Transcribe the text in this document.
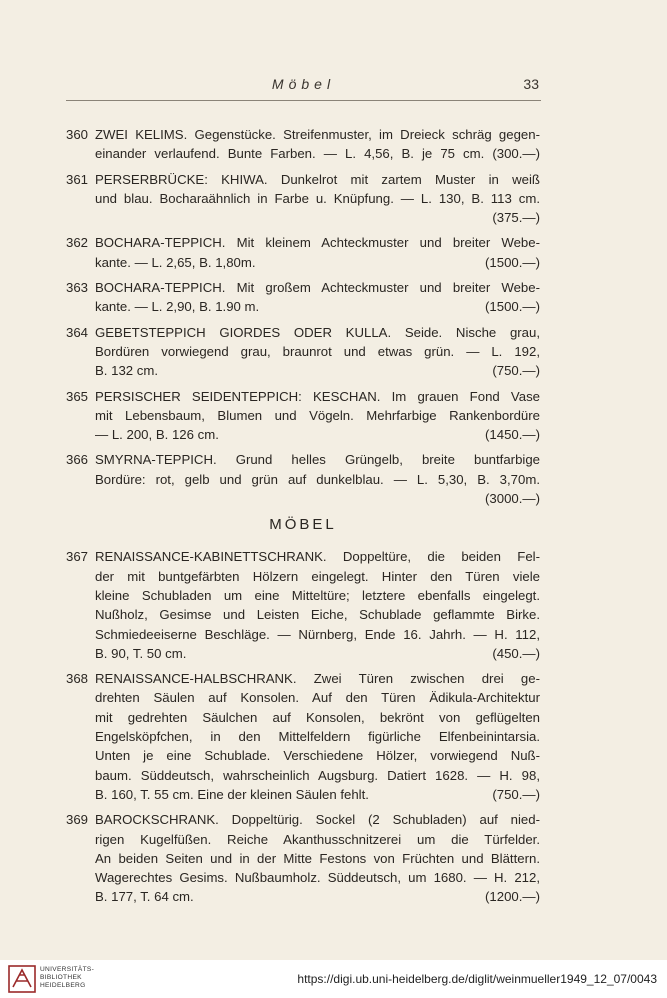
Möbel	33
360 ZWEI KELIMS. Gegenstücke. Streifenmuster, im Dreieck schräg gegen-
einander verlaufend. Bunte Farben. — L. 4,56, B. je 75 cm. (300.—)
361 PERSERBRÜCKE: KHIWA. Dunkelrot mit zartem Muster in weiß
und blau. Bocharaähnlich in Farbe u. Knüpfung. — L. 130, B. 113 cm.
(375.—)
362 BOCHARA-TEPPICH. Mit kleinem Achteckmuster und breiter Webe-
kante. — L. 2,65, B. 1,80m.	(1500.—)
363 BOCHARA-TEPPICH. Mit großem Achteckmuster und breiter Webe-
kante. — L. 2,90, B. 1.90 m.	(1500.—)
364 GEBETSTEPPICH GIORDES ODER KULLA. Seide. Nische grau,
Bordüren vorwiegend grau, braunrot und etwas grün. — L. 192,
B. 132 cm.	(750.—)
365 PERSISCHER SEIDENTEPPICH: KESCHAN. Im grauen Fond Vase
mit Lebensbaum, Blumen und Vögeln. Mehrfarbige Rankenbordüre
— L. 200, B. 126 cm.	(1450.—)
366 SMYRNA-TEPPICH. Grund helles Grüngelb, breite buntfarbige
Bordüre: rot, gelb und grün auf dunkelblau. — L. 5,30, B. 3,70m.
(3000.—)
MÖBEL
367 RENAISSANCE-KABINETTSCHRANK. Doppeltüre, die beiden Fel-
der mit buntgefärbten Hölzern eingelegt. Hinter den Türen viele
kleine Schubladen um eine Mitteltüre; letztere ebenfalls eingelegt.
Nußholz, Gesimse und Leisten Eiche, Schublade geflammte Birke.
Schmiedeeiserne Beschläge. — Nürnberg, Ende 16. Jahrh. — H. 112,
B. 90, T. 50 cm.	(450.—)
368 RENAISSANCE-HALBSCHRANK. Zwei Türen zwischen drei ge-
drehten Säulen auf Konsolen. Auf den Türen Ädikula-Architektur
mit gedrehten Säulchen auf Konsolen, bekrönt von geflügelten
Engelsköpfchen, in den Mittelfeldern figürliche Elfenbeinintarsia.
Unten je eine Schublade. Verschiedene Hölzer, vorwiegend Nuß-
baum. Süddeutsch, wahrscheinlich Augsburg. Datiert 1628. — H. 98,
B. 160, T. 55 cm. Eine der kleinen Säulen fehlt.	(750.—)
369 BAROCKSCHRANK. Doppeltürig. Sockel (2 Schubladen) auf nied-
rigen Kugelfüßen. Reiche Akanthusschnitzerei um die Türfelder.
An beiden Seiten und in der Mitte Festons von Früchten und Blättern.
Wagerechtes Gesims. Nußbaumholz. Süddeutsch, um 1680. — H. 212,
B. 177, T. 64 cm.	(1200.—)
UNIVERSITÄTS-
BIBLIOTHEK
HEIDELBERG	https://digi.ub.uni-heidelberg.de/diglit/weinmueller1949_12_07/0043
